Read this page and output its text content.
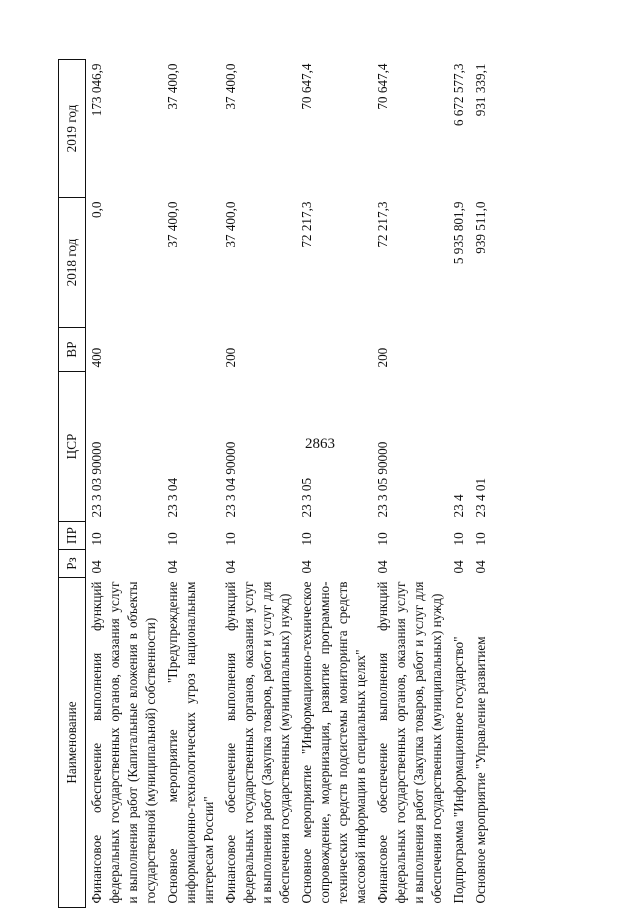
2863
Наименование	Рз	ПР	ЦСР	ВР	2018 год	2019 год
Финансовое обеспечение выполнения функций федеральных государственных органов, оказания услуг и выполнения работ (Капитальные вложения в объекты государственной (муниципальной) собственности)	04	10	23 3 03 90000	400	0,0	173 046,9
Основное мероприятие "Предупреждение информационно-технологических угроз национальным интересам России"	04	10	23 3 04		37 400,0	37 400,0
Финансовое обеспечение выполнения функций федеральных государственных органов, оказания услуг и выполнения работ (Закупка товаров, работ и услуг для обеспечения государственных (муниципальных) нужд)	04	10	23 3 04 90000	200	37 400,0	37 400,0
Основное мероприятие "Информационно-техническое сопровождение, модернизация, развитие программно-технических средств подсистемы мониторинга средств массовой информации в специальных целях"	04	10	23 3 05		72 217,3	70 647,4
Финансовое обеспечение выполнения функций федеральных государственных органов, оказания услуг и выполнения работ (Закупка товаров, работ и услуг для обеспечения государственных (муниципальных) нужд)	04	10	23 3 05 90000	200	72 217,3	70 647,4
Подпрограмма "Информационное государство"	04	10	23 4		5 935 801,9	6 672 577,3
Основное мероприятие "Управление развитием	04	10	23 4 01		939 511,0	931 339,1
